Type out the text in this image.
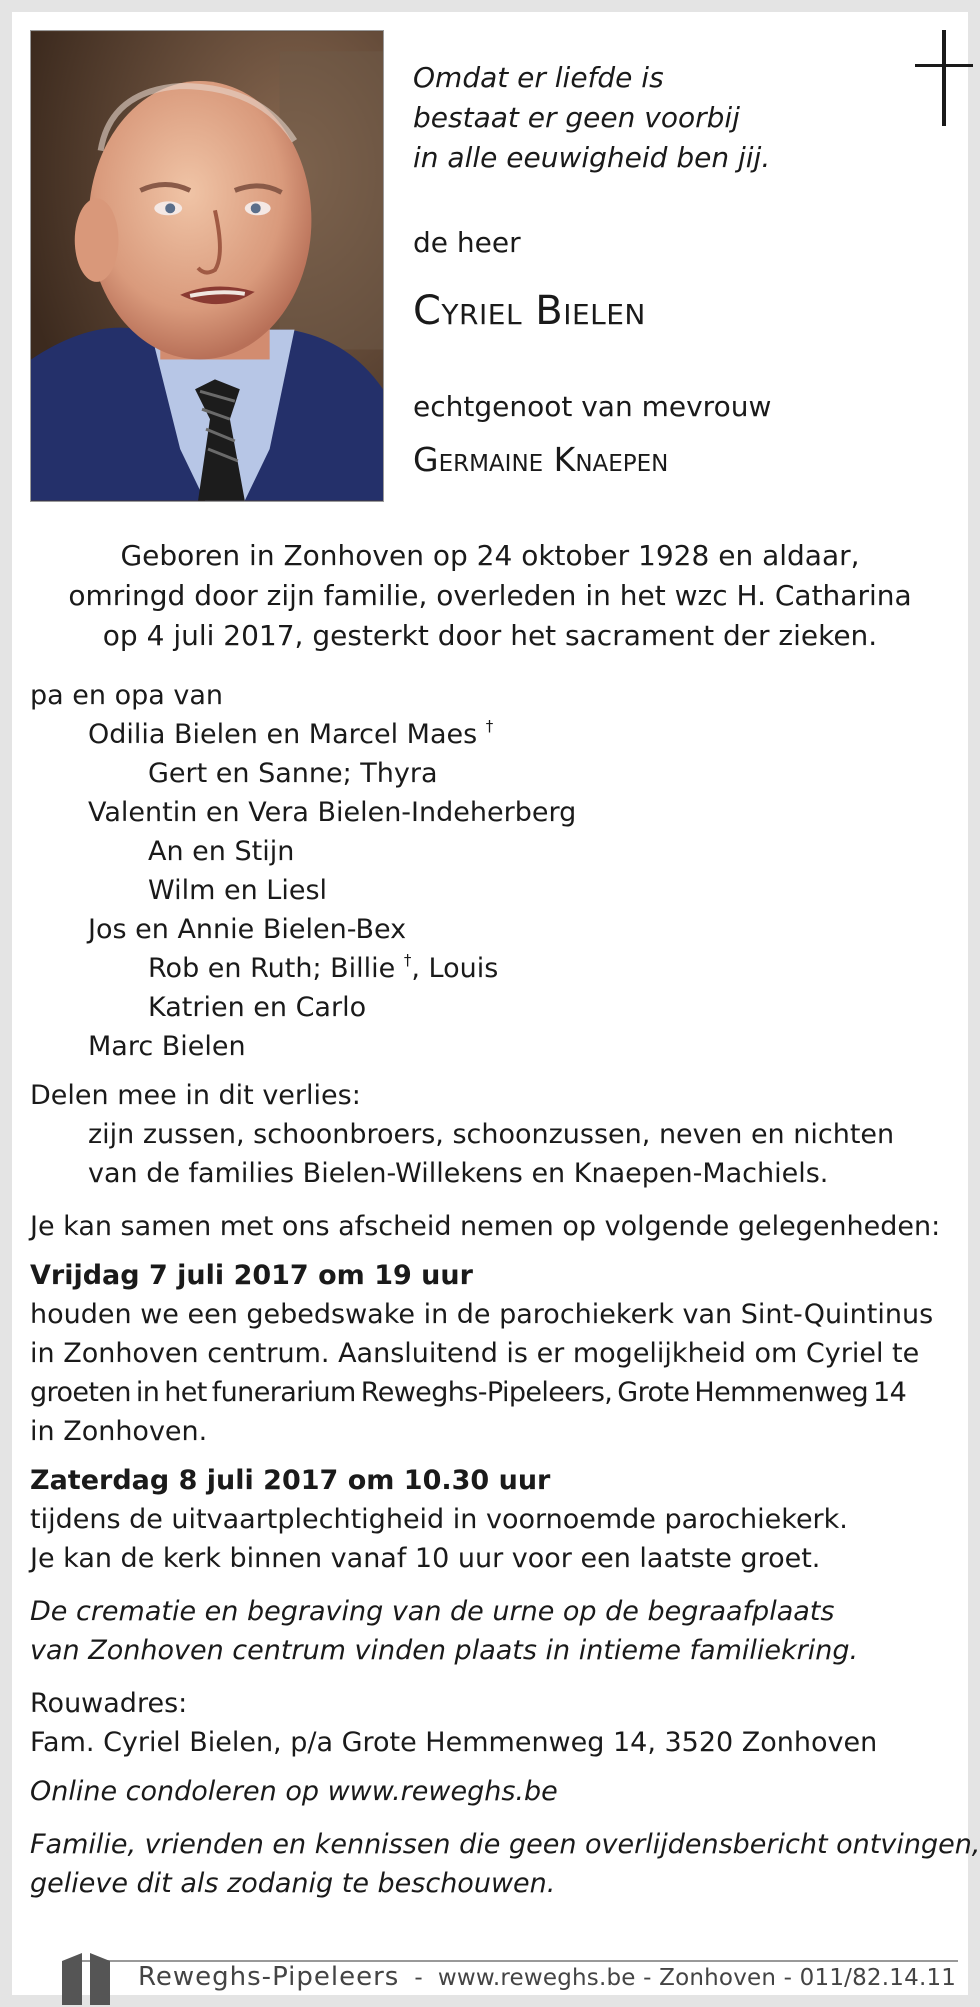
Omdat er liefde is
bestaat er geen voorbij
in alle eeuwigheid ben jij.
de heer
Cyriel Bielen
echtgenoot van mevrouw
Germaine Knaepen
Geboren in Zonhoven op 24 oktober 1928 en aldaar,
omringd door zijn familie, overleden in het wzc H. Catharina
op 4 juli 2017, gesterkt door het sacrament der zieken.
pa en opa van
Odilia Bielen en Marcel Maes †
Gert en Sanne; Thyra
Valentin en Vera Bielen-Indeherberg
An en Stijn
Wilm en Liesl
Jos en Annie Bielen-Bex
Rob en Ruth; Billie †, Louis
Katrien en Carlo
Marc Bielen
Delen mee in dit verlies:
zijn zussen, schoonbroers, schoonzussen, neven en nichten
van de families Bielen-Willekens en Knaepen-Machiels.
Je kan samen met ons afscheid nemen op volgende gelegenheden:
Vrijdag 7 juli 2017 om 19 uur
houden we een gebedswake in de parochiekerk van Sint-Quintinus
in Zonhoven centrum. Aansluitend is er mogelijkheid om Cyriel te
groeten in het funerarium Reweghs-Pipeleers, Grote Hemmenweg 14
in Zonhoven.
Zaterdag 8 juli 2017 om 10.30 uur
tijdens de uitvaartplechtigheid in voornoemde parochiekerk.
Je kan de kerk binnen vanaf 10 uur voor een laatste groet.
De crematie en begraving van de urne op de begraafplaats
van Zonhoven centrum vinden plaats in intieme familiekring.
Rouwadres:
Fam. Cyriel Bielen, p/a Grote Hemmenweg 14, 3520 Zonhoven
Online condoleren op www.reweghs.be
Familie, vrienden en kennissen die geen overlijdensbericht ontvingen,
gelieve dit als zodanig te beschouwen.
Reweghs-Pipeleers  -  www.reweghs.be - Zonhoven - 011/82.14.11
